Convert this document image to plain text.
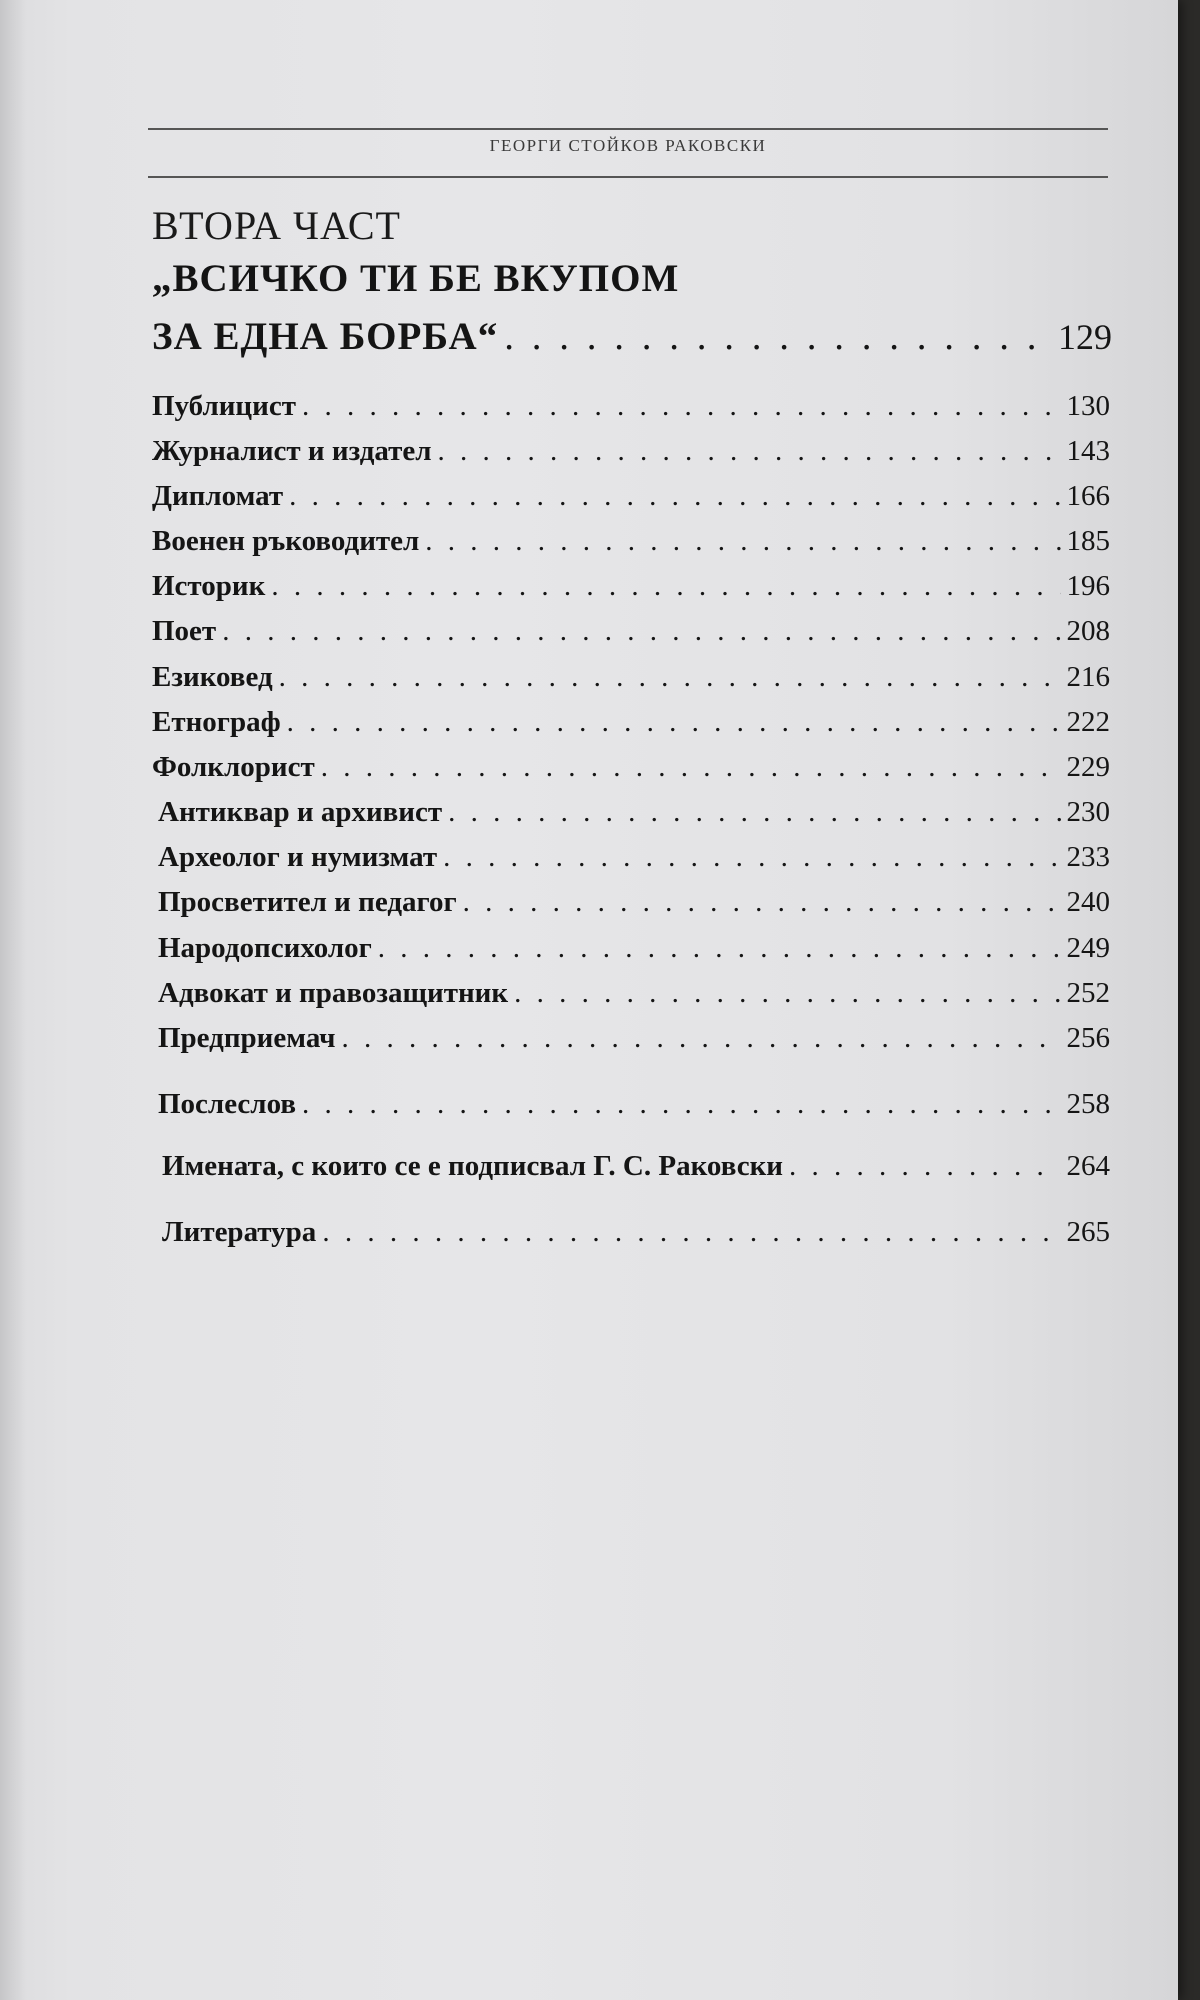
ГЕОРГИ СТОЙКОВ РАКОВСКИ
ВТОРА ЧАСТ
„ВСИЧКО ТИ БЕ ВКУПОМ
ЗА ЕДНА БОРБА“ . . .	129
Публицист . . .	130
Журналист и издател . . .	143
Дипломат . . .	166
Военен ръководител . . .	185
Историк . . .	196
Поет . . .	208
Езиковед . . .	216
Етнограф . . .	222
Фолклорист . . .	229
Антиквар и архивист . . .	230
Археолог и нумизмат . . .	233
Просветител и педагог . . .	240
Народопсихолог . . .	249
Адвокат и правозащитник . . .	252
Предприемач . . .	256
Послеслов . . .	258
Имената, с които се е подписвал Г. С. Раковски . . .	264
Литература . . .	265
